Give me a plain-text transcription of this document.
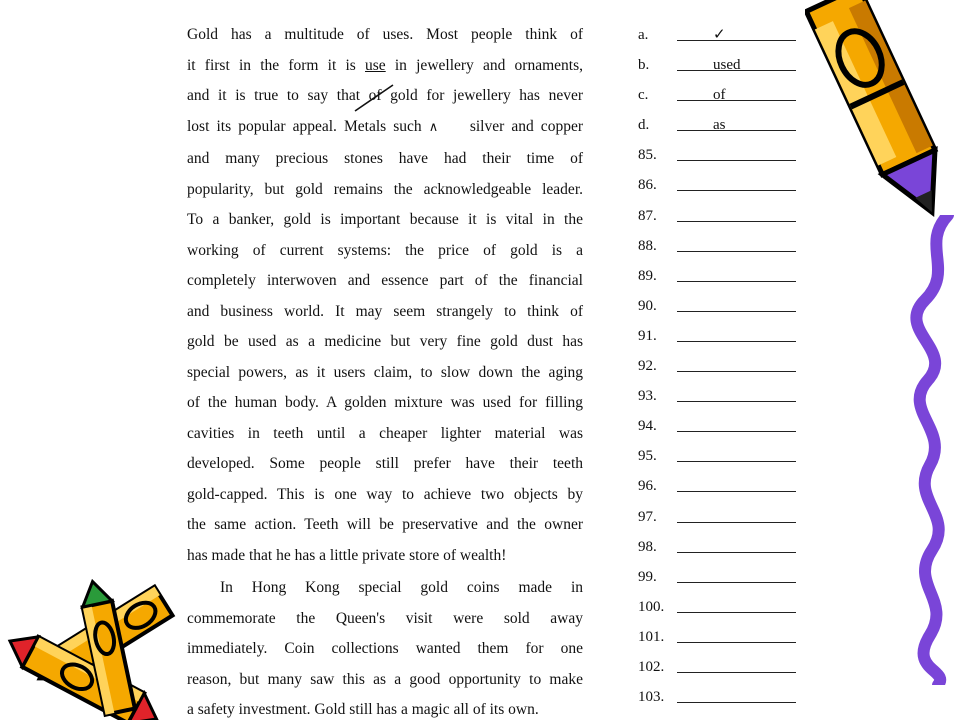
Gold has a multitude of uses. Most people think of
it first in the form it is use in jewellery and ornaments,
and it is true to say that of
gold for jewellery has never
lost its popular appeal. Metals such ∧ silver and copper
and many precious stones have had their time of
popularity, but gold remains the acknowledgeable leader.
To a banker, gold is important because it is vital in the
working of current systems: the price of gold is a
completely interwoven and essence part of the financial
and business world. It may seem strangely to think of
gold be used as a medicine but very fine gold dust has
special powers, as it users claim, to slow down the aging
of the human body. A golden mixture was used for filling
cavities in teeth until a cheaper lighter material was
developed. Some people still prefer have their teeth
gold-capped. This is one way to achieve two objects by
the same action. Teeth will be preservative and the owner
has made that he has a little private store of wealth!
In Hong Kong special gold coins made in
commemorate the Queen's visit were sold away
immediately. Coin collections wanted them for one
reason, but many saw this as a good opportunity to make
a safety investment. Gold still has a magic all of its own.
a.	✓
b.	used
c.	of
d.	as
85.
86.
87.
88.
89.
90.
91.
92.
93.
94.
95.
96.
97.
98.
99.
100.
101.
102.
103.
